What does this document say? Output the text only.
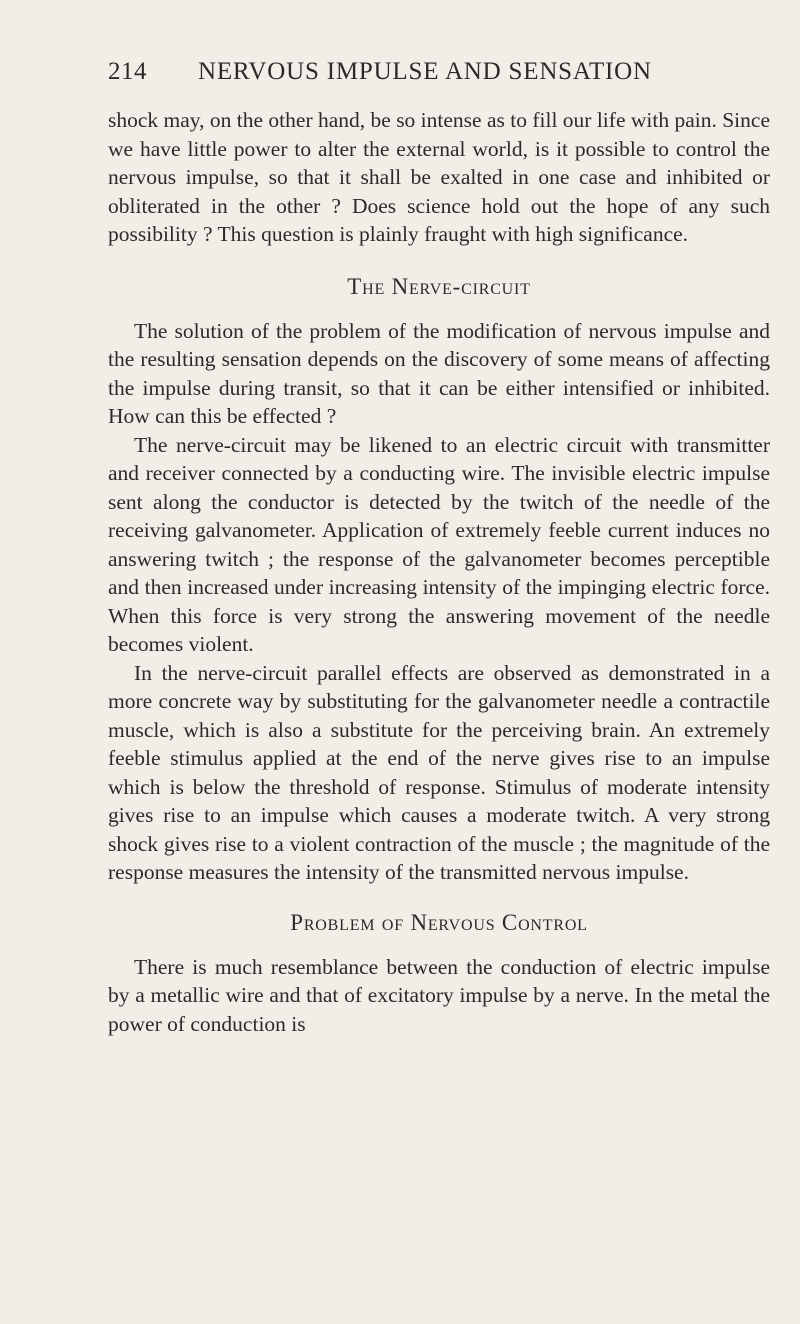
214	NERVOUS IMPULSE AND SENSATION

shock may, on the other hand, be so intense as to fill our life with pain. Since we have little power to alter the external world, is it possible to control the nervous impulse, so that it shall be exalted in one case and inhibited or obliterated in the other ? Does science hold out the hope of any such possibility ? This question is plainly fraught with high significance.

The Nerve-circuit

The solution of the problem of the modification of nervous impulse and the resulting sensation depends on the discovery of some means of affecting the impulse during transit, so that it can be either intensified or inhibited. How can this be effected ?

The nerve-circuit may be likened to an electric circuit with transmitter and receiver connected by a conducting wire. The invisible electric impulse sent along the conductor is detected by the twitch of the needle of the receiving galvanometer. Application of extremely feeble current induces no answering twitch ; the response of the galvanometer becomes perceptible and then increased under increasing intensity of the impinging electric force. When this force is very strong the answering movement of the needle becomes violent.

In the nerve-circuit parallel effects are observed as demonstrated in a more concrete way by substituting for the galvanometer needle a contractile muscle, which is also a substitute for the perceiving brain. An extremely feeble stimulus applied at the end of the nerve gives rise to an impulse which is below the threshold of response. Stimulus of moderate intensity gives rise to an impulse which causes a moderate twitch. A very strong shock gives rise to a violent contraction of the muscle ; the magnitude of the response measures the intensity of the transmitted nervous impulse.

Problem of Nervous Control

There is much resemblance between the conduction of electric impulse by a metallic wire and that of excitatory impulse by a nerve. In the metal the power of conduction is
